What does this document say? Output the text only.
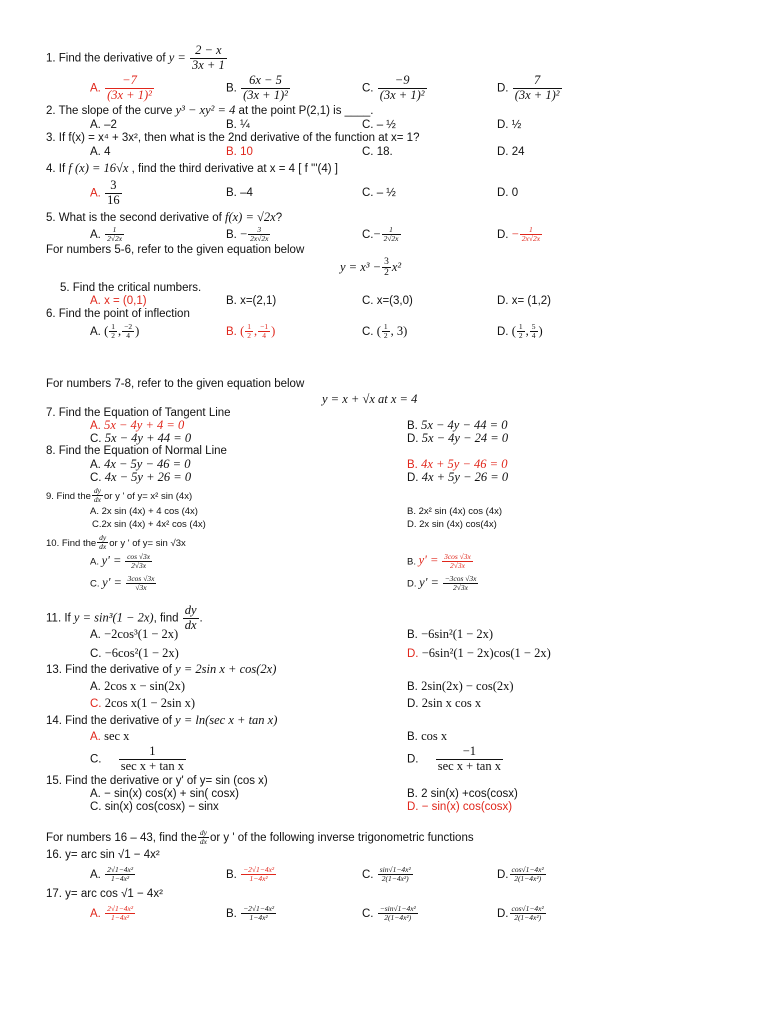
1. Find the derivative of $y = \frac{2 - x}{3x + 1}$
A. $\frac{-7}{\text{(3x + 1)²}}$	B. $\frac{6x - 5}{\text{(3x + 1)²}}$	C. $\frac{-9}{\text{(3x + 1)²}}$	D. $\frac{7}{\text{(3x + 1)²}}$
2. The slope of the curve y³ − xy² = 4 at the point P(2,1) is ____.
A. –2	B. ¼	C. – ½	D. ½
3. If f(x) = x⁴ + 3x², then what is the 2nd derivative of the function at x= 1?
A. 4	B. 10	C. 18.	D. 24
4. If f (x) = 16√x , find the third derivative at x = 4 [ f '''(4) ]
A. $\frac{3}{16}$	B. –4	C. – ½	D. 0
5. What is the second derivative of f(x) = √2x?
A. $\frac{1}{2√2x}$	B. − $\frac{3}{2x√2x}$	$C.- \frac{1}{2√2x}$	D. − $\frac{1}{2x√2x}$
For numbers 5-6, refer to the given equation below
$y = x^3 - \frac{3}{2} x^2$
5. Find the critical numbers.
A. x = (0,1)	B. x=(2,1)	C. x=(3,0)	D. x= (1,2)
6. Find the point of inflection
A. ( $\frac{1}{2}$ , $\frac{-2}{4}$ )	B. ( $\frac{1}{2}$ , $\frac{-1}{4}$ )	C. ( $\frac{1}{2}$ , 3)	D. ( $\frac{1}{2}$ , $\frac{5}{4}$ )
For numbers 7-8, refer to the given equation below
y = x + √x at x = 4
7. Find the Equation of Tangent Line
A. 5x − 4y + 4 = 0	B. 5x − 4y − 44 = 0
C. 5x − 4y + 44 = 0	D. 5x − 4y − 24 = 0
8. Find the Equation of Normal Line
A. 4x − 5y − 46 = 0	B. 4x + 5y − 46 = 0
C. 4x − 5y + 26 = 0	D. 4x + 5y − 26 = 0
9. Find the $\frac{dy}{dx}$ or y ' of y= x² sin (4x)
A. 2x sin (4x) + 4 cos (4x)	B. 2x² sin (4x) cos (4x)
C.2x sin (4x) + 4x² cos (4x)	D. 2x sin (4x) cos(4x)
10. Find the $\frac{dy}{dx}$ or y ' of y= sin √3x
A. $y' = \frac{\cos √3x}{2√3x}$	B. $y' = \frac{3\cos √3x}{2√3x}$
C. $y' = \frac{3\cos √3x}{√3x}$	D. $y' = \frac{-3\cos √3x}{2√3x}$
11. If y = sin³(1 − 2x), find $\frac{dy}{dx}$ .
A. −2cos³(1 − 2x)	B. −6sin²(1 − 2x)
C. −6cos²(1 − 2x)	D. −6sin²(1 − 2x)cos(1 − 2x)
13. Find the derivative of y = 2sin x + cos(2x)
A. 2cos x − sin(2x)	B. 2sin(2x) − cos(2x)
C. 2cos x(1 − 2sin x)	D. 2sin x cos x
14. Find the derivative of y = ln(sec x + tan x)
A. sec x	B. cos x
C. $\frac{1}{\text{sec x + tan x}}$	D. $\frac{-1}{\text{sec x + tan x}}$
15. Find the derivative or y' of y= sin (cos x)
A. − sin(x) cos(x) + sin( cosx)	B. 2 sin(x) +cos(cosx)
C. sin(x) cos(cosx) − sinx	D. − sin(x) cos(cosx)
For numbers 16 – 43, find the $\frac{dy}{dx}$ or y ' of the following inverse trigonometric functions
16. y= arc sin √1 − 4x²
A. $\frac{\text{2√1−4x²}}{\text{1−4x²}}$	B. $\frac{\text{−2√1−4x²}}{\text{1−4x²}}$	C. $\frac{\text{sin√1−4x²}}{\text{2(1−4x²)}}$	D. $\frac{\text{cos√1−4x²}}{\text{2(1−4x²)}}$
17. y= arc cos √1 − 4x²
A. $\frac{\text{2√1−4x²}}{\text{1−4x²}}$	B. $\frac{\text{−2√1−4x²}}{\text{1−4x²}}$	C. $\frac{\text{−sin√1−4x²}}{\text{2(1−4x²)}}$	D. $\frac{\text{cos√1−4x²}}{\text{2(1−4x²)}}$
